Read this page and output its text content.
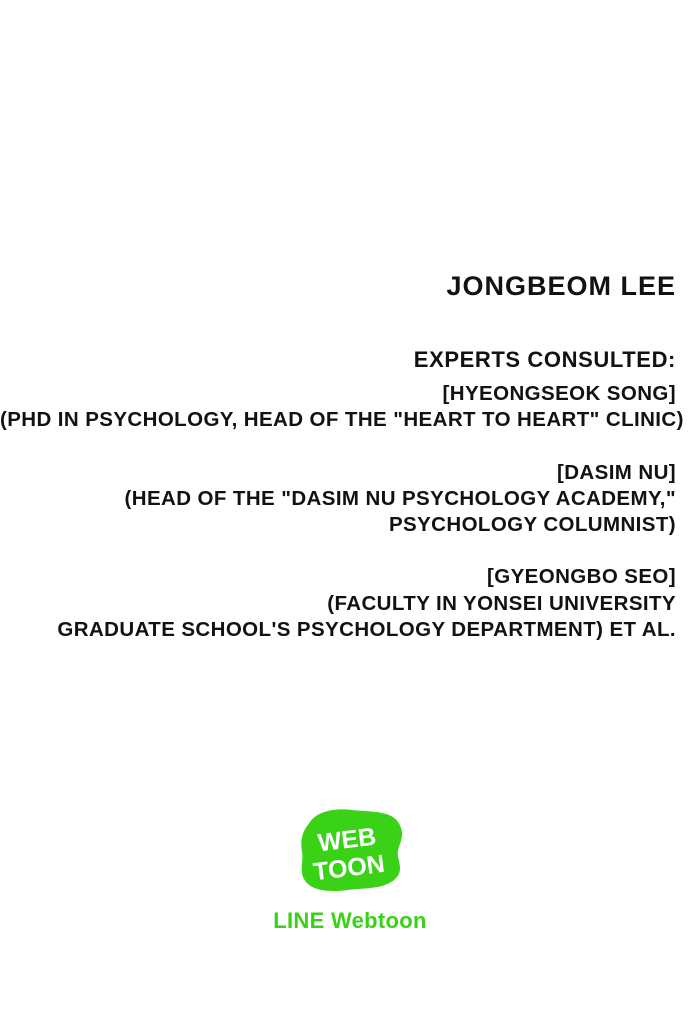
JONGBEOM LEE
EXPERTS CONSULTED:
[HYEONGSEOK SONG]
(PHD IN PSYCHOLOGY, HEAD OF THE "HEART TO HEART" CLINIC)
[DASIM NU]
(HEAD OF THE "DASIM NU PSYCHOLOGY ACADEMY,"
PSYCHOLOGY COLUMNIST)
[GYEONGBO SEO]
(FACULTY IN YONSEI UNIVERSITY
GRADUATE SCHOOL'S PSYCHOLOGY DEPARTMENT) ET AL.
WEB
TOON
LINE Webtoon
